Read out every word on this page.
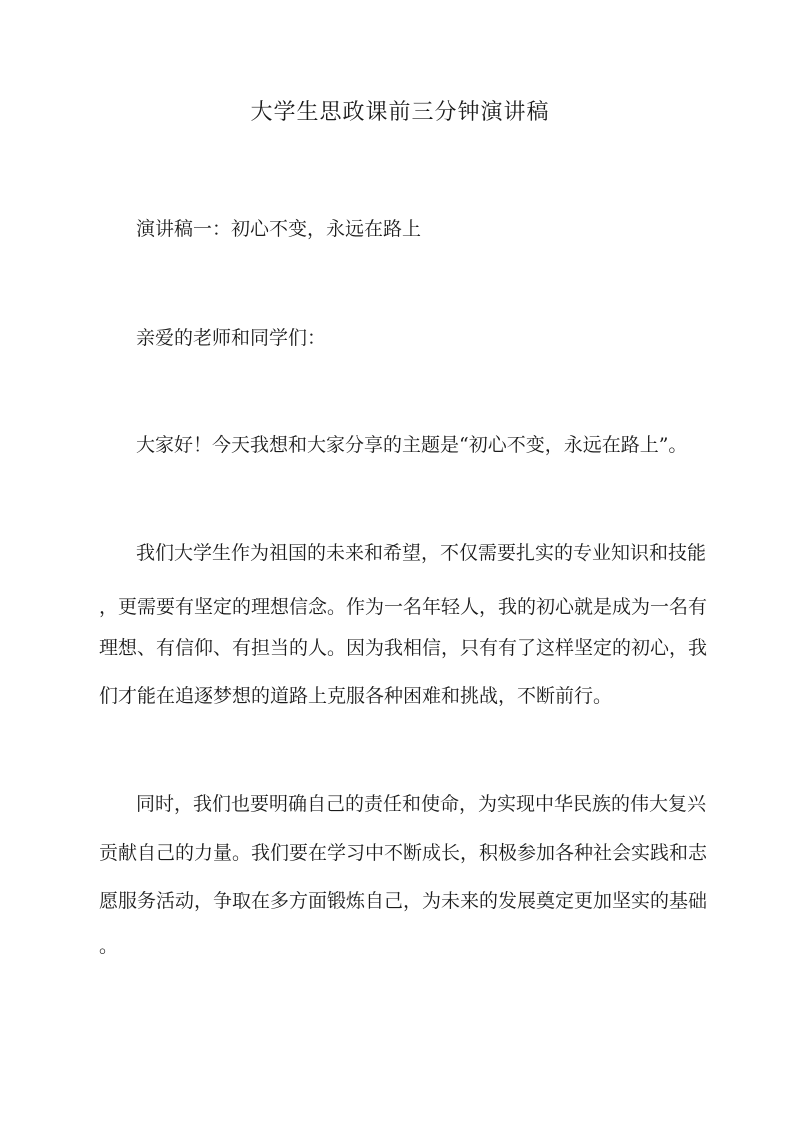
大学生思政课前三分钟演讲稿

演讲稿一：初心不变，永远在路上

亲爱的老师和同学们：

大家好！今天我想和大家分享的主题是“初心不变，永远在路上”。

我们大学生作为祖国的未来和希望，不仅需要扎实的专业知识和技能

，更需要有坚定的理想信念。作为一名年轻人，我的初心就是成为一名有

理想、有信仰、有担当的人。因为我相信，只有有了这样坚定的初心，我

们才能在追逐梦想的道路上克服各种困难和挑战，不断前行。

同时，我们也要明确自己的责任和使命，为实现中华民族的伟大复兴

贡献自己的力量。我们要在学习中不断成长，积极参加各种社会实践和志

愿服务活动，争取在多方面锻炼自己，为未来的发展奠定更加坚实的基础

。
